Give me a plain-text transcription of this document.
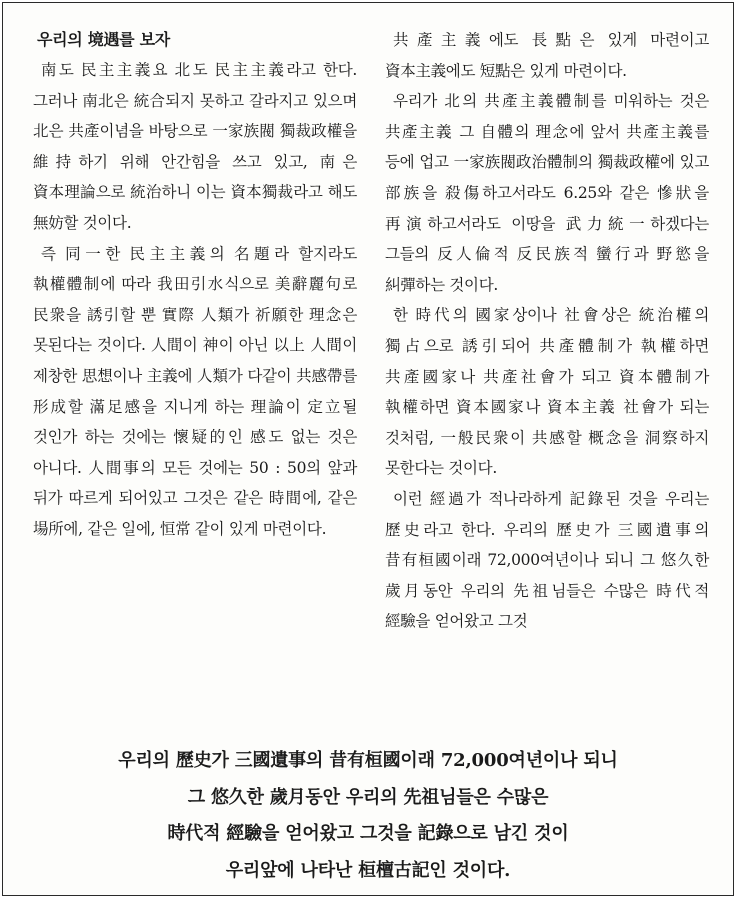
우리의 境遇를 보자

南도 民主主義요 北도 民主主義라고 한다. 그러나 南北은 統合되지 못하고 갈라지고 있으며 北은 共產이념을 바탕으로 一家族閥 獨裁政權을 維持하기 위해 안간힘을 쓰고 있고, 南은 資本理論으로 統治하니 이는 資本獨裁라고 해도 無妨할 것이다.

즉 同一한 民主主義의 名題라 할지라도 執權體制에 따라 我田引水식으로 美辭麗句로 民衆을 誘引할 뿐 實際 人類가 祈願한 理念은 못된다는 것이다. 人間이 神이 아닌 以上 人間이 제창한 思想이나 主義에 人類가 다같이 共感帶를 形成할 滿足感을 지니게 하는 理論이 定立될 것인가 하는 것에는 懷疑的인 感도 없는 것은 아니다. 人間事의 모든 것에는 50 : 50의 앞과 뒤가 따르게 되어있고 그것은 같은 時間에, 같은 場所에, 같은 일에, 恒常 같이 있게 마련이다.

共產主義에도 長點은 있게 마련이고 資本主義에도 短點은 있게 마련이다.

우리가 北의 共產主義體制를 미워하는 것은 共產主義 그 自體의 理念에 앞서 共產主義를 등에 업고 一家族閥政治體制의 獨裁政權에 있고 部族을 殺傷하고서라도 6.25와 같은 慘狀을 再演하고서라도 이땅을 武力統一하겠다는 그들의 反人倫적 反民族적 蠻行과 野慾을 糾彈하는 것이다.

한 時代의 國家상이나 社會상은 統治權의 獨占으로 誘引되어 共產體制가 執權하면 共產國家나 共產社會가 되고 資本體制가 執權하면 資本國家나 資本主義 社會가 되는 것처럼, 一般民衆이 共感할 概念을 洞察하지 못한다는 것이다.

이런 經過가 적나라하게 記錄된 것을 우리는 歷史라고 한다. 우리의 歷史가 三國遺事의 昔有桓國이래 72,000여년이나 되니 그 悠久한 歲月동안 우리의 先祖님들은 수많은 時代적 經驗을 얻어왔고 그것

우리의 歷史가 三國遺事의 昔有桓國이래 72,000여년이나 되니
그 悠久한 歲月동안 우리의 先祖님들은 수많은
時代적 經驗을 얻어왔고 그것을 記錄으로 남긴 것이
우리앞에 나타난 桓檀古記인 것이다.
